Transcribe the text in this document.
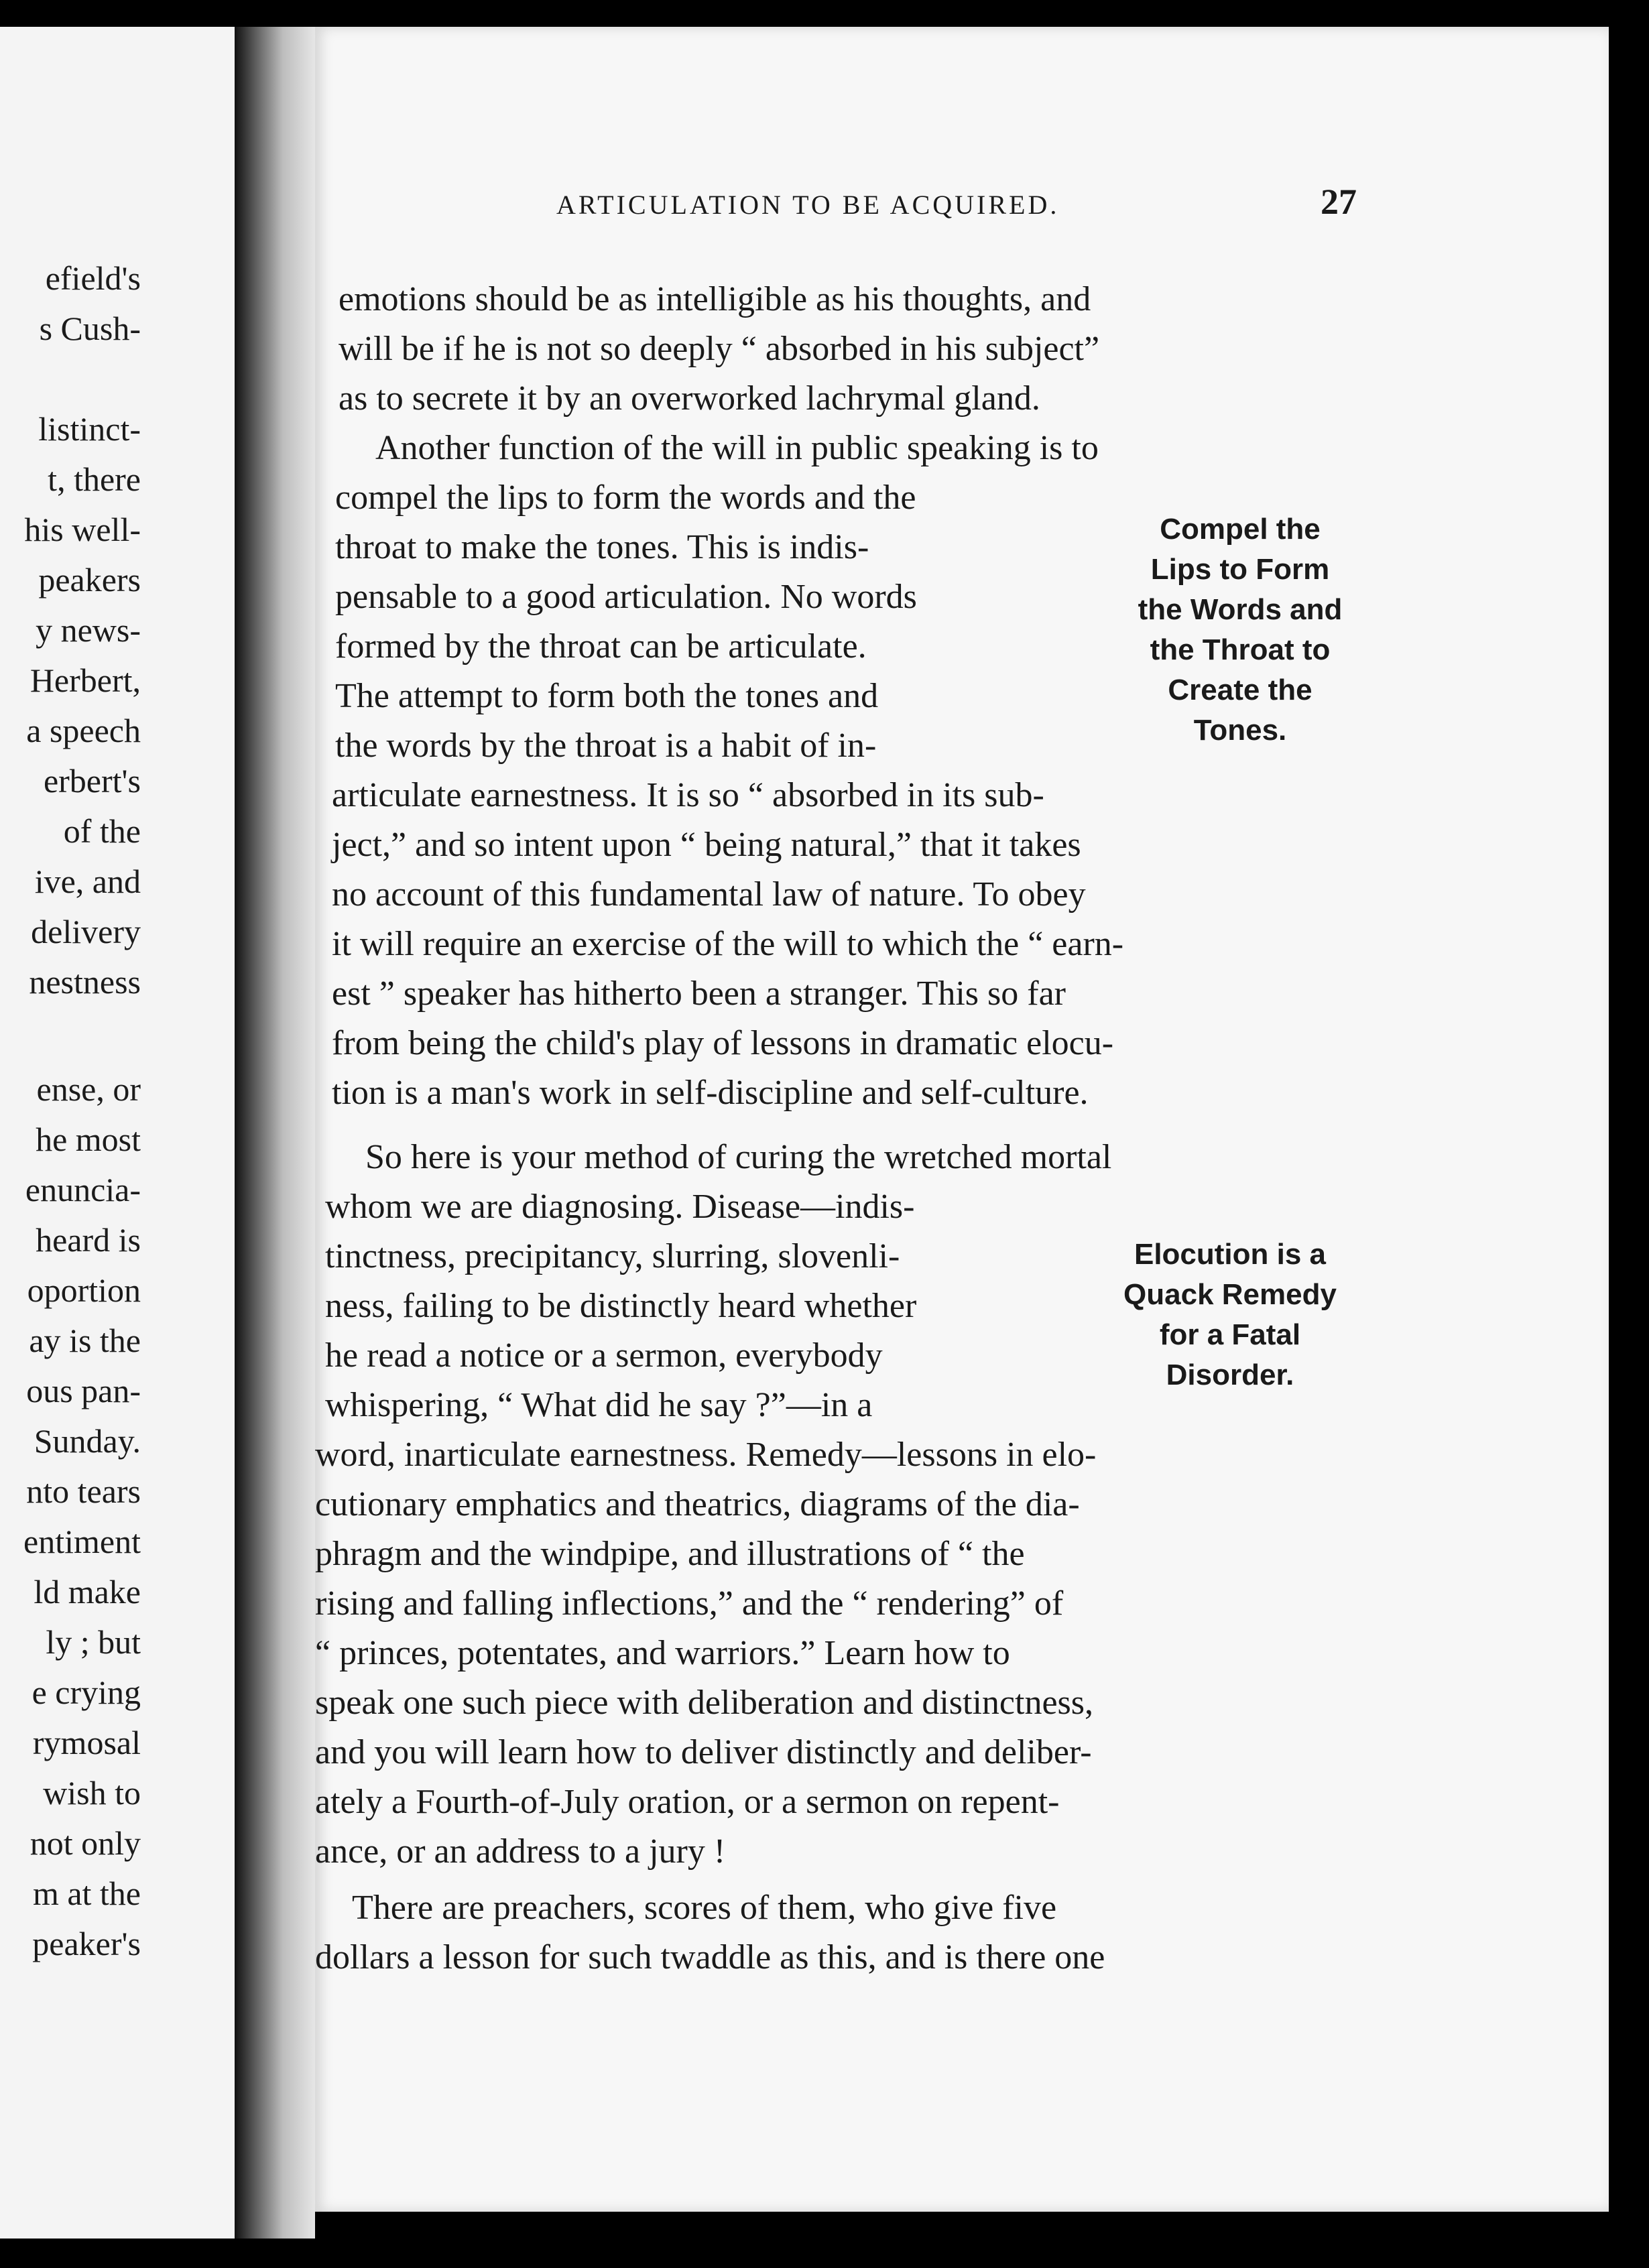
efield's
s Cush-
listinct-
t, there
his well-
peakers
y news-
Herbert,
a speech
erbert's
of the
ive, and
delivery
nestness
ense, or
he most
enuncia-
heard is
oportion
ay is the
ous pan-
Sunday.
nto tears
entiment
ld make
ly ; but
e crying
rymosal
wish to
not only
m at the
peaker's
ARTICULATION TO BE ACQUIRED.	27
emotions should be as intelligible as his thoughts, and
will be if he is not so deeply “ absorbed in his subject”
as to secrete it by an overworked lachrymal gland.
Another function of the will in public speaking is to
compel the lips to form the words and the
throat to make the tones. This is indis-
pensable to a good articulation. No words
formed by the throat can be articulate.
The attempt to form both the tones and
the words by the throat is a habit of in-
Compel the
Lips to Form
the Words and
the Throat to
Create the
Tones.
articulate earnestness. It is so “ absorbed in its sub-
ject,” and so intent upon “ being natural,” that it takes
no account of this fundamental law of nature. To obey
it will require an exercise of the will to which the “ earn-
est ” speaker has hitherto been a stranger. This so far
from being the child's play of lessons in dramatic elocu-
tion is a man's work in self-discipline and self-culture.
So here is your method of curing the wretched mortal
whom we are diagnosing. Disease—indis-
tinctness, precipitancy, slurring, slovenli-
ness, failing to be distinctly heard whether
he read a notice or a sermon, everybody
whispering, “ What did he say ?”—in a
Elocution is a
Quack Remedy
for a Fatal
Disorder.
word, inarticulate earnestness. Remedy—lessons in elo-
cutionary emphatics and theatrics, diagrams of the dia-
phragm and the windpipe, and illustrations of “ the
rising and falling inflections,” and the “ rendering” of
“ princes, potentates, and warriors.” Learn how to
speak one such piece with deliberation and distinctness,
and you will learn how to deliver distinctly and deliber-
ately a Fourth-of-July oration, or a sermon on repent-
ance, or an address to a jury !
There are preachers, scores of them, who give five
dollars a lesson for such twaddle as this, and is there one
